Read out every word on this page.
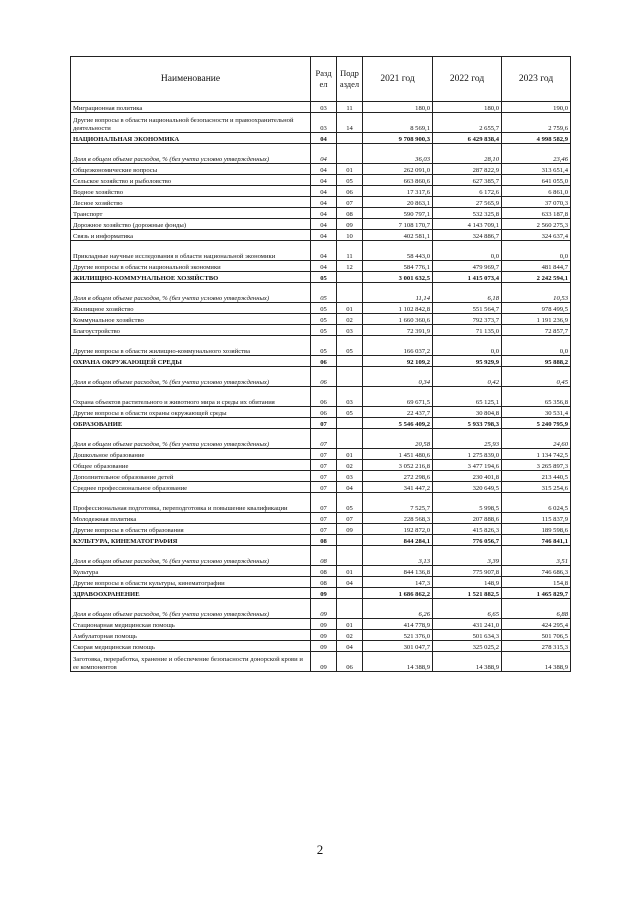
Наименование	Разд ел	Подр аздел	2021 год	2022 год	2023 год
Миграционная политика	03	11	180,0	180,0	190,0
Другие вопросы в области национальной безопасности и правоохранительной деятельности	03	14	8 569,1	2 655,7	2 759,6
НАЦИОНАЛЬНАЯ ЭКОНОМИКА	04		9 708 900,3	6 429 838,4	4 998 582,9
Доля в общем объеме расходов, % (без учета условно утвержденных)	04		36,03	28,10	23,46
Общеэкономические вопросы	04	01	262 091,0	287 822,9	313 651,4
Сельское хозяйство и рыболовство	04	05	663 860,6	627 385,7	641 055,0
Водное хозяйство	04	06	17 317,6	6 172,6	6 861,0
Лесное хозяйство	04	07	20 863,1	27 565,9	37 070,3
Транспорт	04	08	590 797,1	532 325,8	633 187,8
Дорожное хозяйство (дорожные фонды)	04	09	7 108 170,7	4 143 709,1	2 560 275,3
Связь и информатика	04	10	402 581,1	324 886,7	324 637,4
Прикладные научные исследования в области национальной экономики	04	11	58 443,0	0,0	0,0
Другие вопросы в области национальной экономики	04	12	584 776,1	479 969,7	481 844,7
ЖИЛИЩНО-КОММУНАЛЬНОЕ ХОЗЯЙСТВО	05		3 001 632,5	1 415 073,4	2 242 594,1
Доля в общем объеме расходов, % (без учета условно утвержденных)	05		11,14	6,18	10,53
Жилищное хозяйство	05	01	1 102 842,8	551 564,7	978 499,5
Коммунальное хозяйство	05	02	1 660 360,6	792 373,7	1 191 236,9
Благоустройство	05	03	72 391,9	71 135,0	72 857,7
Другие вопросы в области жилищно-коммунального хозяйства	05	05	166 037,2	0,0	0,0
ОХРАНА ОКРУЖАЮЩЕЙ СРЕДЫ	06		92 109,2	95 929,9	95 888,2
Доля в общем объеме расходов, % (без учета условно утвержденных)	06		0,34	0,42	0,45
Охрана объектов растительного и животного мира и среды их обитания	06	03	69 671,5	65 125,1	65 356,8
Другие вопросы в области охраны окружающей среды	06	05	22 437,7	30 804,8	30 531,4
ОБРАЗОВАНИЕ	07		5 546 409,2	5 933 798,3	5 240 795,9
Доля в общем объеме расходов, % (без учета условно утвержденных)	07		20,58	25,93	24,60
Дошкольное образование	07	01	1 451 480,6	1 275 839,0	1 134 742,5
Общее образование	07	02	3 052 216,8	3 477 194,6	3 265 897,3
Дополнительное образование детей	07	03	272 298,6	230 401,8	213 440,5
Среднее профессиональное образование	07	04	341 447,2	320 649,5	315 254,6
Профессиональная подготовка, переподготовка и повышение квалификации	07	05	7 525,7	5 998,5	6 024,5
Молодежная политика	07	07	228 568,3	207 888,6	115 837,9
Другие вопросы в области образования	07	09	192 872,0	415 826,3	189 598,6
КУЛЬТУРА, КИНЕМАТОГРАФИЯ	08		844 284,1	776 056,7	746 841,1
Доля в общем объеме расходов, % (без учета условно утвержденных)	08		3,13	3,39	3,51
Культура	08	01	844 136,8	775 907,8	746 686,3
Другие вопросы в области культуры, кинематографии	08	04	147,3	148,9	154,8
ЗДРАВООХРАНЕНИЕ	09		1 686 862,2	1 521 882,5	1 465 829,7
Доля в общем объеме расходов, % (без учета условно утвержденных)	09		6,26	6,65	6,88
Стационарная медицинская помощь	09	01	414 778,9	431 241,0	424 295,4
Амбулаторная помощь	09	02	521 376,0	501 634,3	501 706,5
Скорая медицинская помощь	09	04	301 047,7	325 025,2	278 315,3
Заготовка, переработка, хранение и обеспечение безопасности донорской крови и ее компонентов	09	06	14 388,9	14 388,9	14 388,9
2
